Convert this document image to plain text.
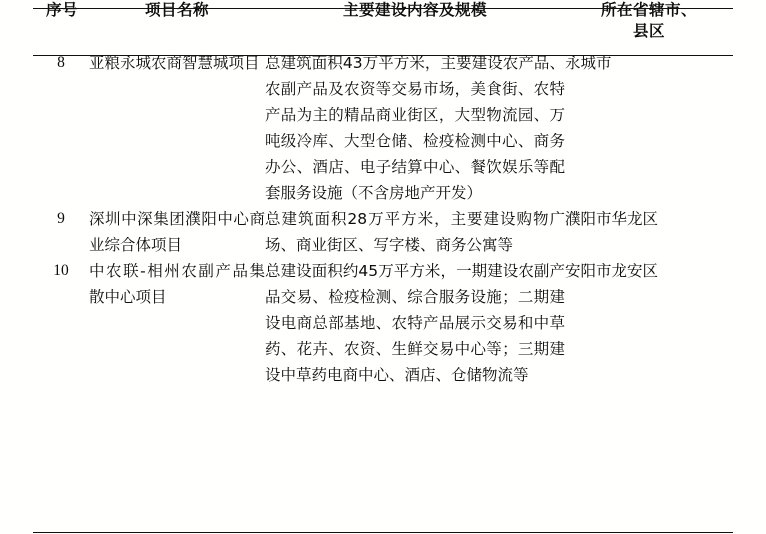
序号	项目名称	主要建设内容及规模	所在省辖市、
县区

8	亚粮永城农商智慧城项目	总建筑面积43万平方米，主要建设农产品、农副产品及农资等交易市场，美食街、农特产品为主的精品商业街区，大型物流园、万吨级冷库、大型仓储、检疫检测中心、商务办公、酒店、电子结算中心、餐饮娱乐等配套服务设施（不含房地产开发）	永城市
9	深圳中深集团濮阳中心商业综合体项目	总建筑面积28万平方米，主要建设购物广场、商业街区、写字楼、商务公寓等	濮阳市华龙区
10	中农联-相州农副产品集散中心项目	总建设面积约45万平方米，一期建设农副产品交易、检疫检测、综合服务设施；二期建设电商总部基地、农特产品展示交易和中草药、花卉、农资、生鲜交易中心等；三期建设中草药电商中心、酒店、仓储物流等	安阳市龙安区
